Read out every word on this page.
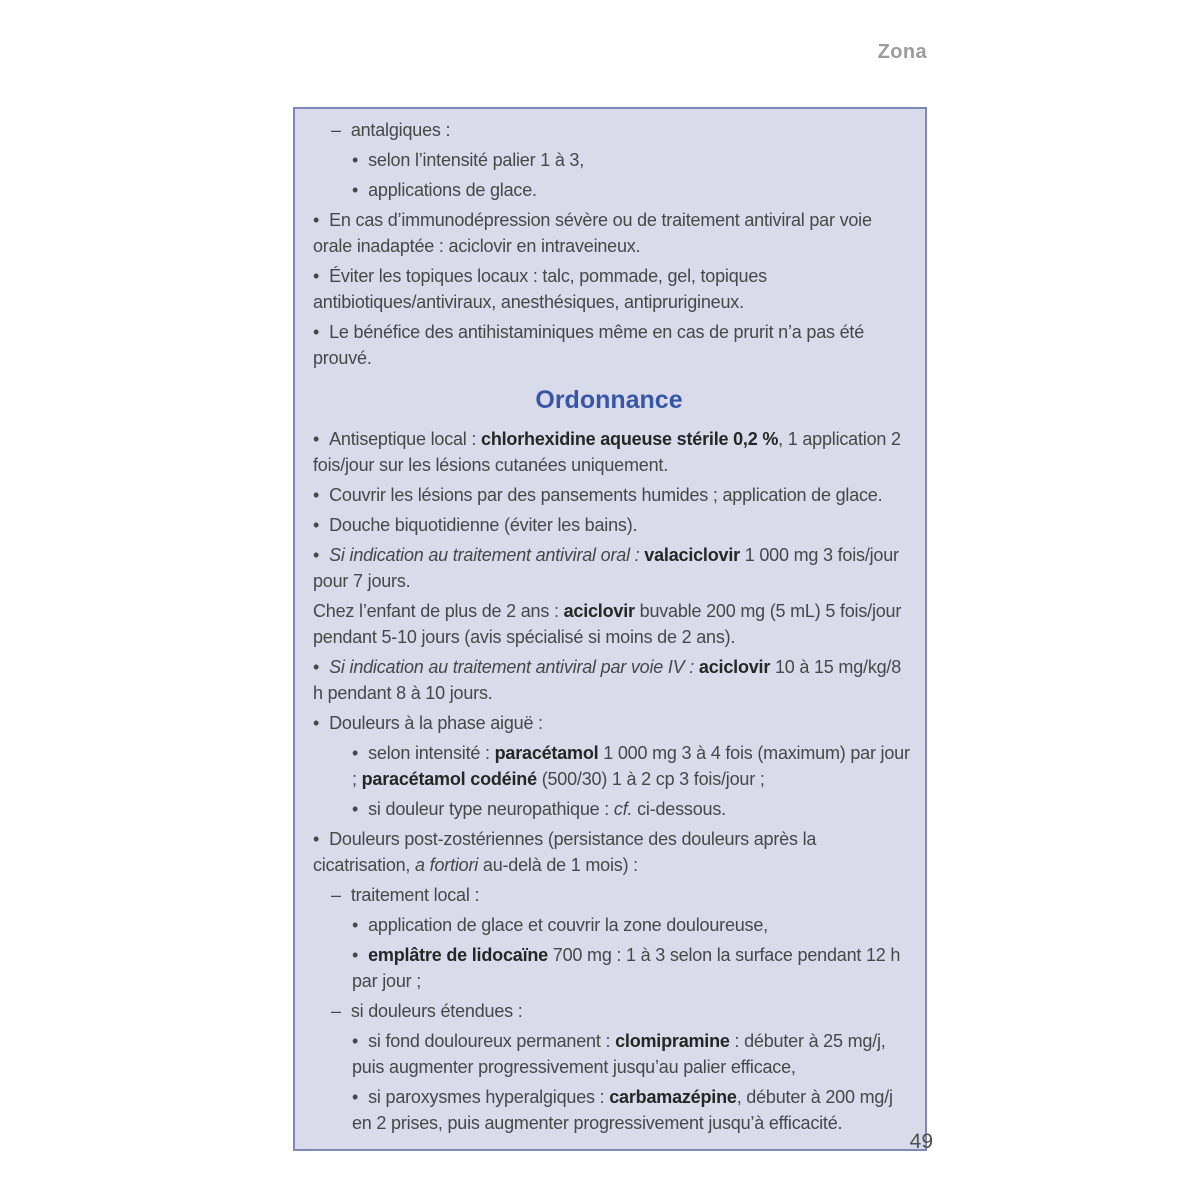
Zona

– antalgiques :

• selon l’intensité palier 1 à 3,

• applications de glace.

• En cas d’immunodépression sévère ou de traitement antiviral par voie orale inadaptée : aciclovir en intraveineux.

• Éviter les topiques locaux : talc, pommade, gel, topiques antibiotiques/antiviraux, anesthésiques, antiprurigineux.

• Le bénéfice des antihistaminiques même en cas de prurit n’a pas été prouvé.

Ordonnance

• Antiseptique local : chlorhexidine aqueuse stérile 0,2 %, 1 application 2 fois/jour sur les lésions cutanées uniquement.

• Couvrir les lésions par des pansements humides ; application de glace.

• Douche biquotidienne (éviter les bains).

• Si indication au traitement antiviral oral : valaciclovir 1 000 mg 3 fois/jour pour 7 jours.

Chez l’enfant de plus de 2 ans : aciclovir buvable 200 mg (5 mL) 5 fois/jour pendant 5-10 jours (avis spécialisé si moins de 2 ans).

• Si indication au traitement antiviral par voie IV : aciclovir 10 à 15 mg/kg/8 h pendant 8 à 10 jours.

• Douleurs à la phase aiguë :

• selon intensité : paracétamol 1 000 mg 3 à 4 fois (maximum) par jour ; paracétamol codéiné (500/30) 1 à 2 cp 3 fois/jour ;

• si douleur type neuropathique : cf. ci-dessous.

• Douleurs post-zostériennes (persistance des douleurs après la cicatrisation, a fortiori au-delà de 1 mois) :

– traitement local :

• application de glace et couvrir la zone douloureuse,

• emplâtre de lidocaïne 700 mg : 1 à 3 selon la surface pendant 12 h par jour ;

– si douleurs étendues :

• si fond douloureux permanent : clomipramine : débuter à 25 mg/j, puis augmenter progressivement jusqu’au palier efficace,

• si paroxysmes hyperalgiques : carbamazépine, débuter à 200 mg/j en 2 prises, puis augmenter progressivement jusqu’à efficacité.

49
